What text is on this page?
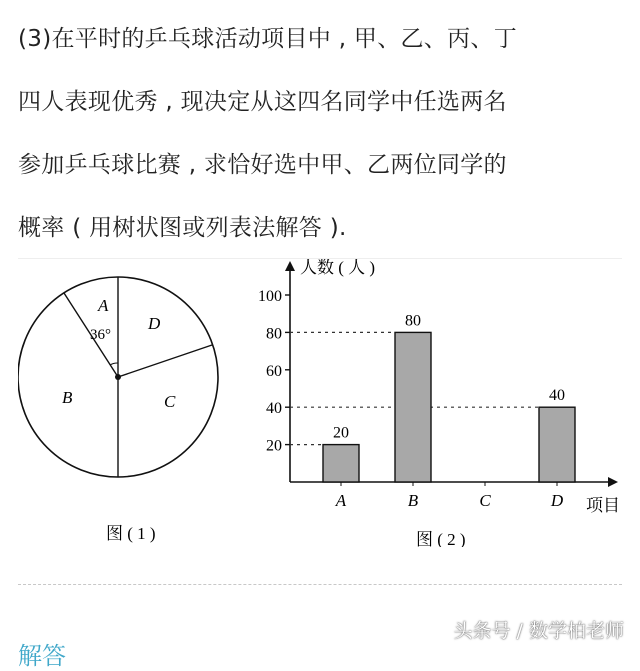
(3)在平时的乒乓球活动项目中 , 甲、乙、丙、丁
四人表现优秀 , 现决定从这四名同学中任选两名
参加乒乓球比赛 , 求恰好选中甲、乙两位同学的
概率 ( 用树状图或列表法解答 ).
A
36°
D
C
B
图 ( 1 )
人数 ( 人 )
项目
图 ( 2 )
20
40
60
80
100
20
A
80
B	C
40
D
解答
头条号 / 数学柏老师
